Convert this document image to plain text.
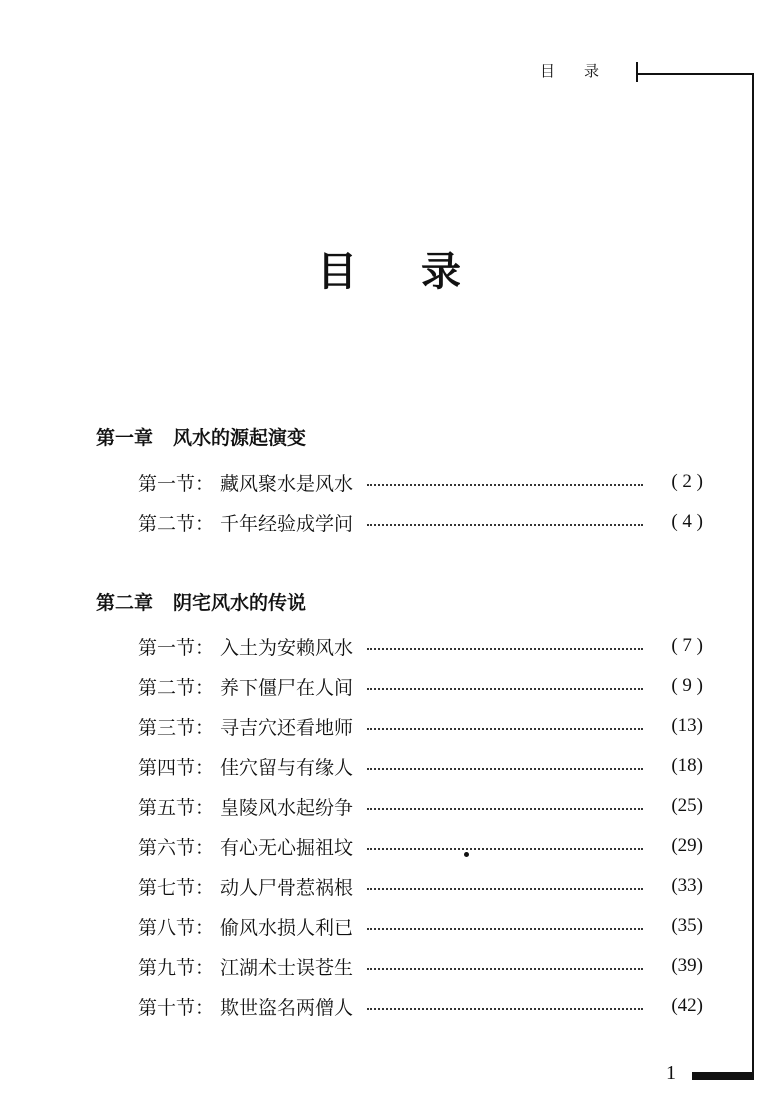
目 录
1
目 录
第一章 风水的源起演变
第一节： 藏风聚水是风水	( 2 )
第二节： 千年经验成学问	( 4 )
第二章 阴宅风水的传说
第一节： 入土为安赖风水	( 7 )
第二节： 养下僵尸在人间	( 9 )
第三节： 寻吉穴还看地师	(13)
第四节： 佳穴留与有缘人	(18)
第五节： 皇陵风水起纷争	(25)
第六节： 有心无心掘祖坟	(29)
第七节： 动人尸骨惹祸根	(33)
第八节： 偷风水损人利已	(35)
第九节： 江湖术士误苍生	(39)
第十节： 欺世盗名两僧人	(42)
